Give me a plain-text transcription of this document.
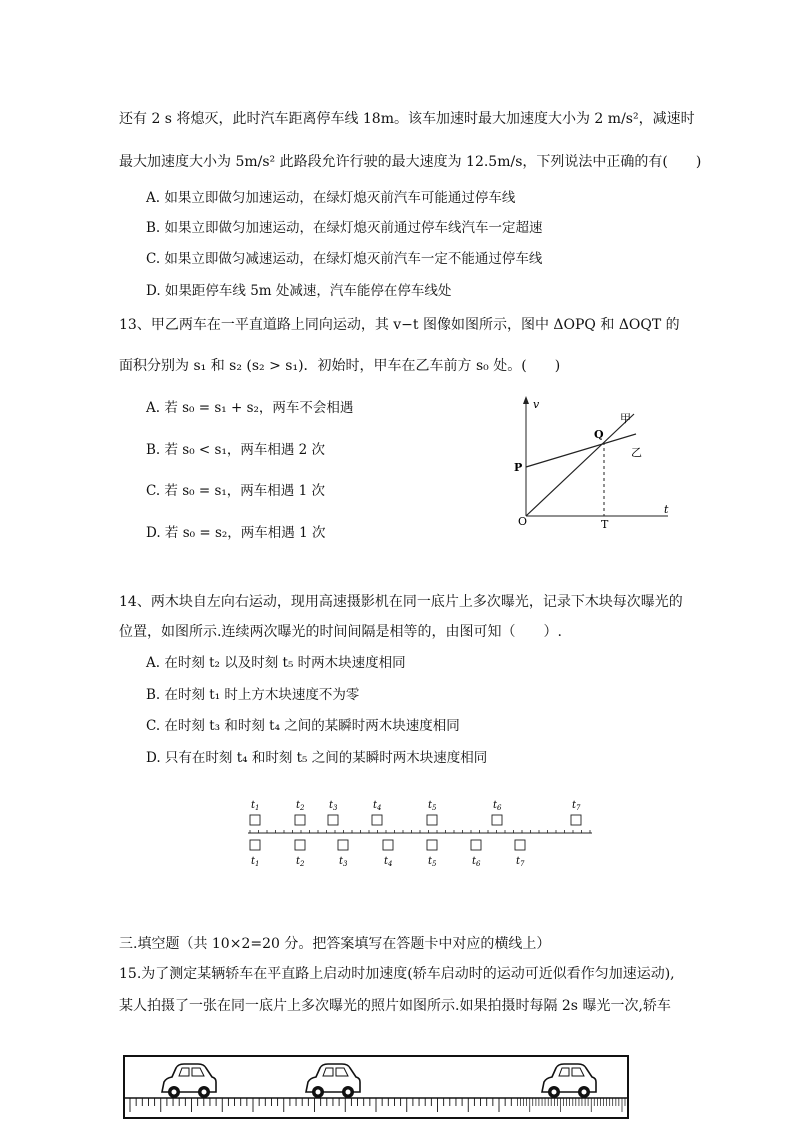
还有 2 s 将熄灭，此时汽车距离停车线 18m。该车加速时最大加速度大小为 2 m/s²，减速时
最大加速度大小为 5m/s² 此路段允许行驶的最大速度为 12.5m/s，下列说法中正确的有(　　)
A. 如果立即做匀加速运动，在绿灯熄灭前汽车可能通过停车线
B. 如果立即做匀加速运动，在绿灯熄灭前通过停车线汽车一定超速
C. 如果立即做匀减速运动，在绿灯熄灭前汽车一定不能通过停车线
D. 如果距停车线 5m 处减速，汽车能停在停车线处
13、甲乙两车在一平直道路上同向运动，其 v−t 图像如图所示，图中 ΔOPQ 和 ΔOQT 的
面积分别为 s₁ 和 s₂ (s₂ > s₁)．初始时，甲车在乙车前方 s₀ 处。(　　)
A. 若 s₀ = s₁ + s₂，两车不会相遇
B. 若 s₀ < s₁，两车相遇 2 次
C. 若 s₀ = s₁，两车相遇 1 次
D. 若 s₀ = s₂，两车相遇 1 次
v
t
O
P
Q
T
甲
乙
14、两木块自左向右运动，现用高速摄影机在同一底片上多次曝光，记录下木块每次曝光的
位置，如图所示.连续两次曝光的时间间隔是相等的，由图可知（　　）.
A. 在时刻 t₂ 以及时刻 t₅ 时两木块速度相同
B. 在时刻 t₁ 时上方木块速度不为零
C. 在时刻 t₃ 和时刻 t₄ 之间的某瞬时两木块速度相同
D. 只有在时刻 t₄ 和时刻 t₅ 之间的某瞬时两木块速度相同
$t_1$	$t_2$ $t_3$	$t_4$	$t_5$	$t_6$	$t_7$
$t_1$	$t_2$	$t_3$	$t_4$	$t_5$	$t_6$	$t_7$
三.填空题（共 10×2=20 分。把答案填写在答题卡中对应的横线上）
15.为了测定某辆轿车在平直路上启动时加速度(轿车启动时的运动可近似看作匀加速运动),
某人拍摄了一张在同一底片上多次曝光的照片如图所示.如果拍摄时每隔 2s 曝光一次,轿车
